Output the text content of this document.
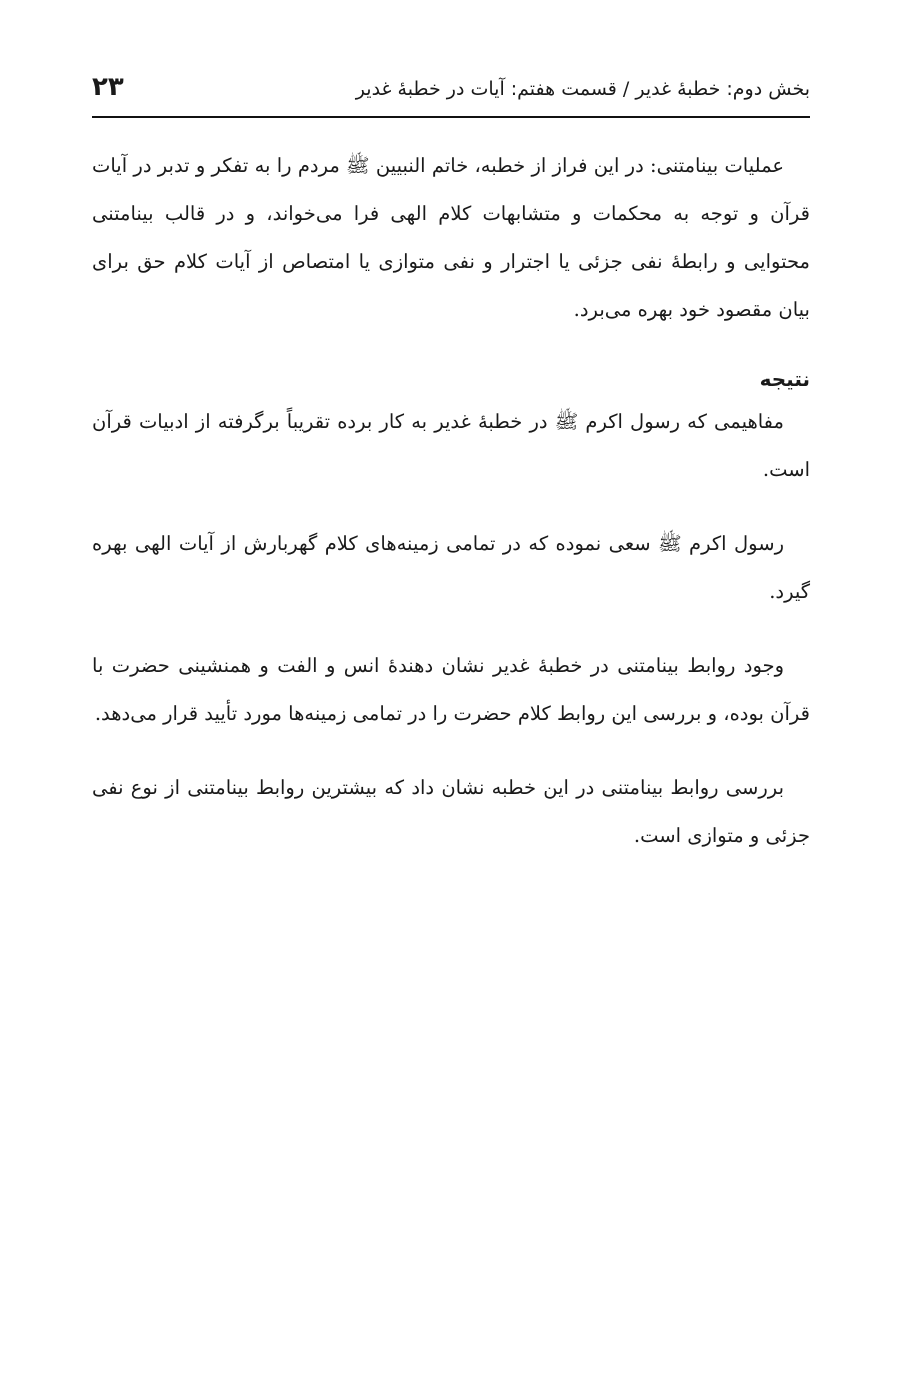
بخش دوم: خطبهٔ غدیر / قسمت هفتم: آیات در خطبهٔ غدیر
۲۳

عملیات بینامتنی: در این فراز از خطبه، خاتم النبیین ﷺ مردم را به تفکر و تدبر در آیات قرآن و توجه به محکمات و متشابهات کلام الهی فرا می‌خواند، و در قالب بینامتنی محتوایی و رابطهٔ نفی جزئی یا اجترار و نفی متوازی یا امتصاص از آیات کلام حق برای بیان مقصود خود بهره می‌برد.

نتیجه

مفاهیمی که رسول اکرم ﷺ در خطبهٔ غدیر به کار برده تقریباً برگرفته از ادبیات قرآن است.

رسول اکرم ﷺ سعی نموده که در تمامی زمینه‌های کلام گهربارش از آیات الهی بهره گیرد.

وجود روابط بینامتنی در خطبهٔ غدیر نشان دهندهٔ انس و الفت و همنشینی حضرت با قرآن بوده، و بررسی این روابط کلام حضرت را در تمامی زمینه‌ها مورد تأیید قرار می‌دهد.

بررسی روابط بینامتنی در این خطبه نشان داد که بیشترین روابط بینامتنی از نوع نفی جزئی و متوازی است.
